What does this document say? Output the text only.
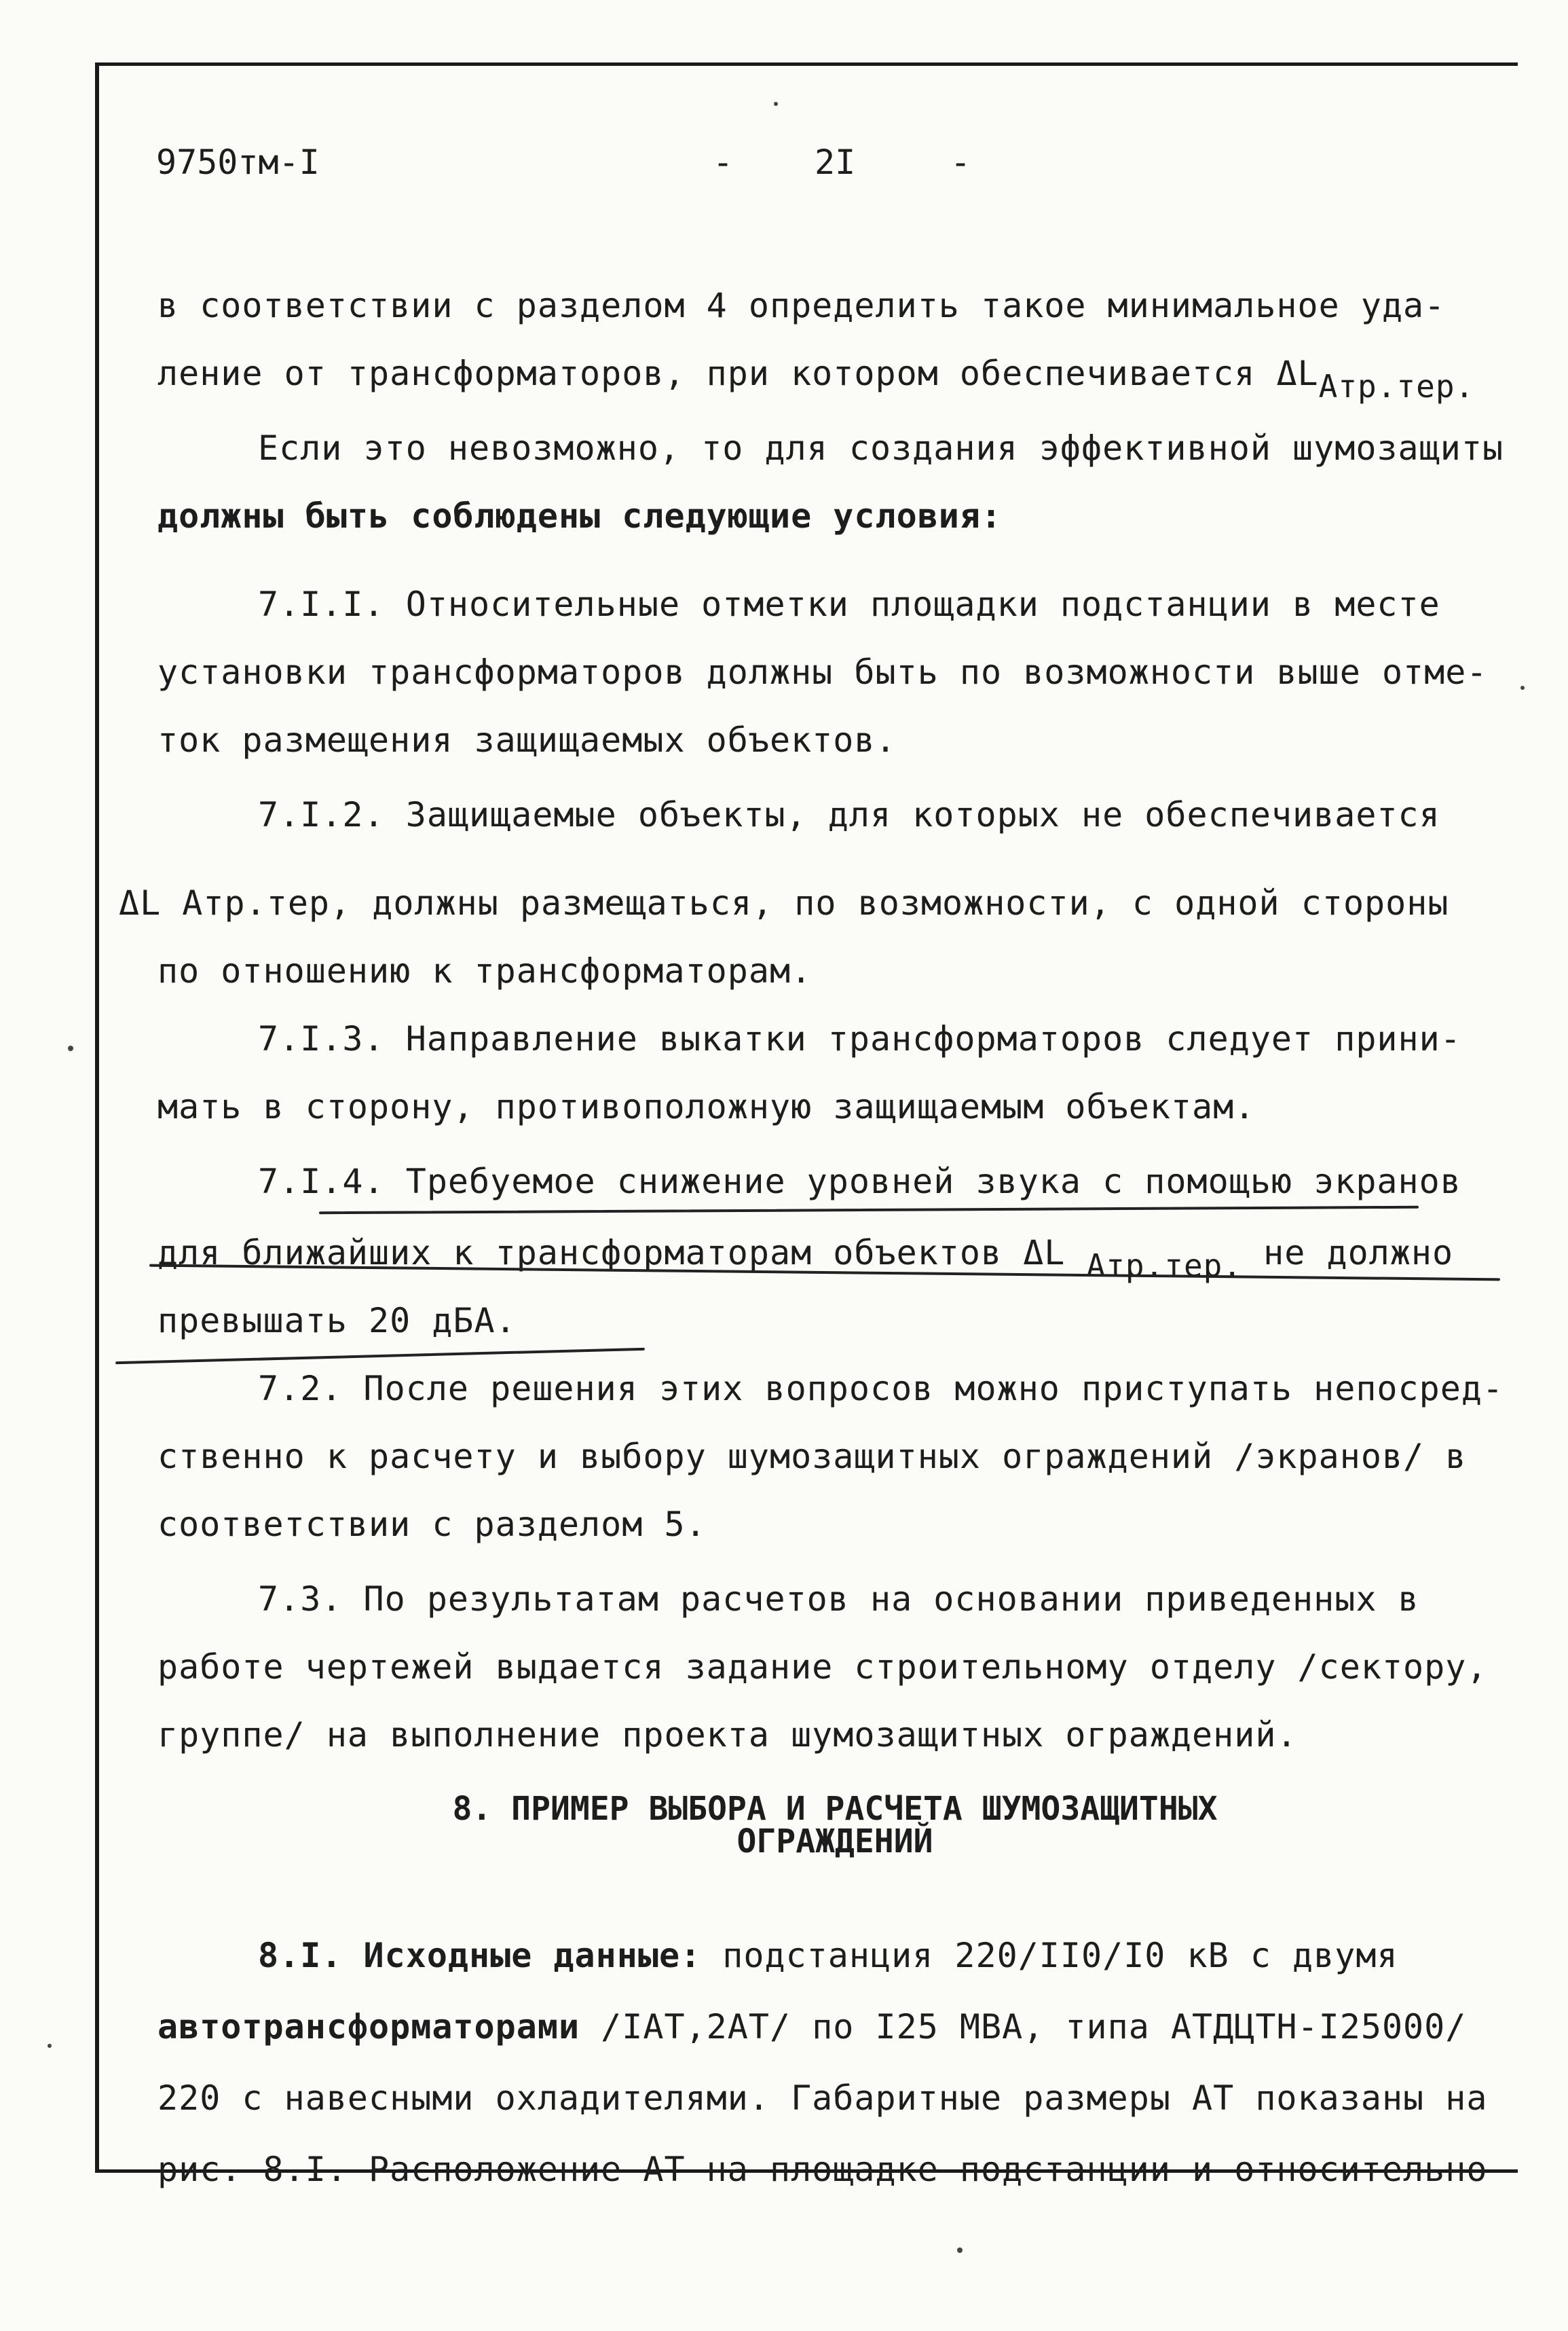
9750тм-I	- 2I	-
в соответствии с разделом 4 определить такое минимальное уда-
ление от трансформаторов, при котором обеспечивается ΔLАтр.тер.
Если это невозможно, то для создания эффективной шумозащиты
должны быть соблюдены следующие условия:
7.I.I. Относительные отметки площадки подстанции в месте
установки трансформаторов должны быть по возможности выше отме-
ток размещения защищаемых объектов.
7.I.2. Защищаемые объекты, для которых не обеспечивается
ΔL Атр.тер, должны размещаться, по возможности, с одной стороны
по отношению к трансформаторам.
7.I.3. Направление выкатки трансформаторов следует прини-
мать в сторону, противоположную защищаемым объектам.
7.I.4. Требуемое снижение уровней звука с помощью экранов
для ближайших к трансформаторам объектов ΔL Атр.тер. не должно
превышать 20 дБА.
7.2. После решения этих вопросов можно приступать непосред-
ственно к расчету и выбору шумозащитных ограждений /экранов/ в
соответствии с разделом 5.
7.3. По результатам расчетов на основании приведенных в
работе чертежей выдается задание строительному отделу /сектору,
группе/ на выполнение проекта шумозащитных ограждений.
8. ПРИМЕР ВЫБОРА И РАСЧЕТА ШУМОЗАЩИТНЫХ
ОГРАЖДЕНИЙ
8.I. Исходные данные: подстанция 220/II0/I0 кВ с двумя
автотрансформаторами /IАТ,2АТ/ по I25 МВА, типа АТДЦТН-I25000/
220 с навесными охладителями. Габаритные размеры АТ показаны на
рис. 8.I. Расположение АТ на площадке подстанции и относительно
